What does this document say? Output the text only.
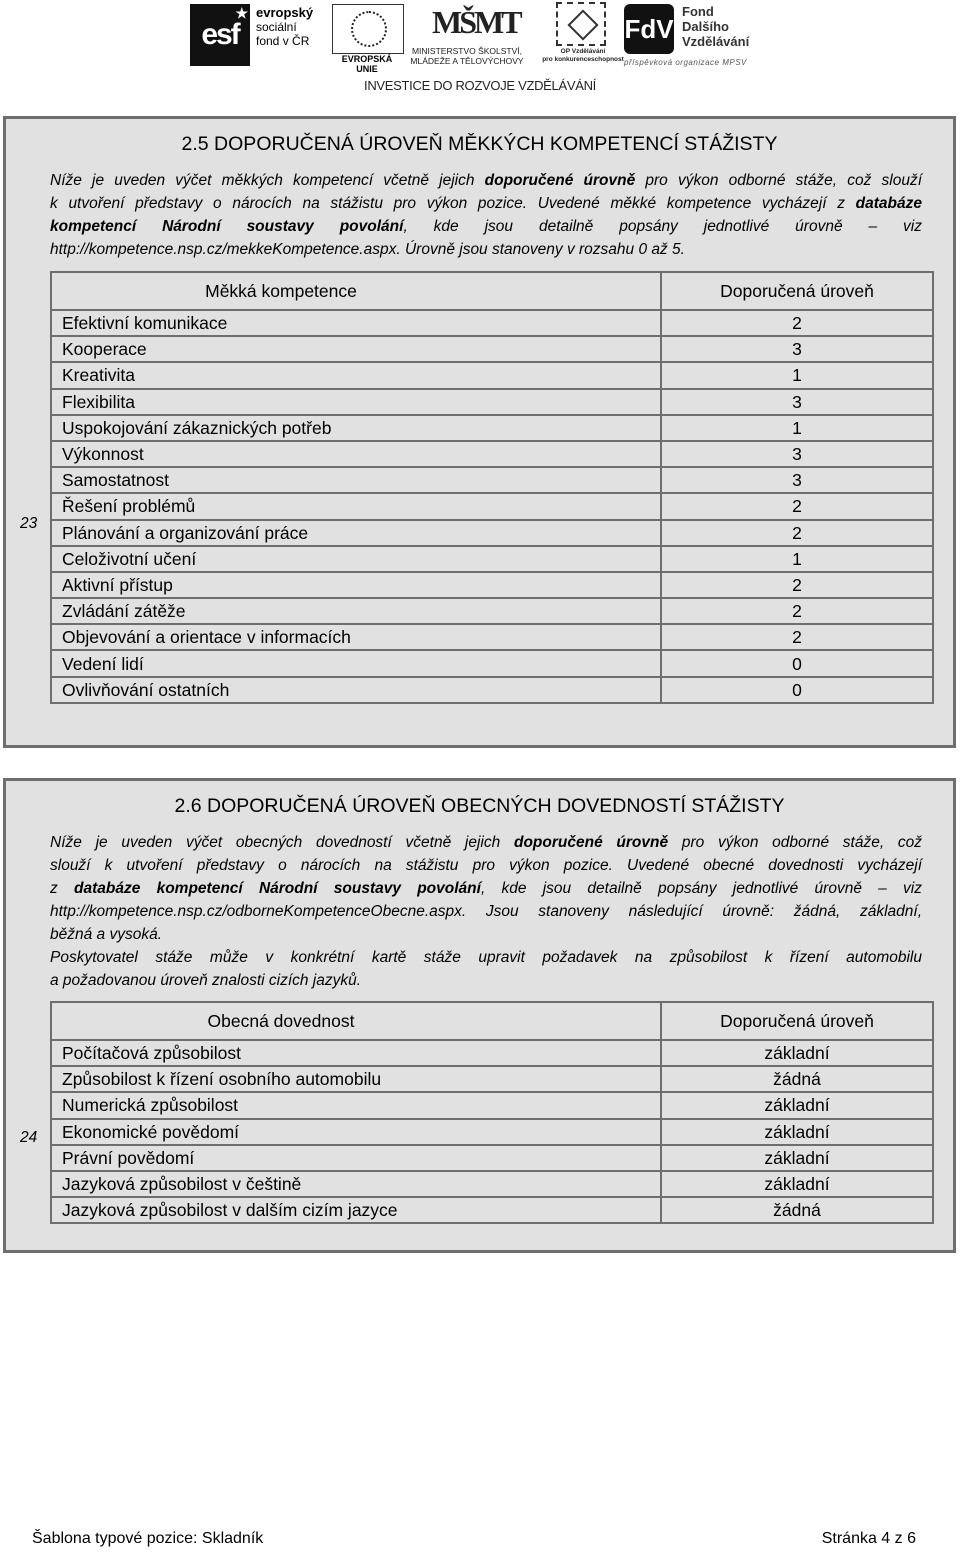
esf
★ evropský
sociální
fond v ČR
EVROPSKÁ UNIE
MŠMT
MINISTERSTVO ŠKOLSTVÍ,
MLÁDEŽE A TĚLOVÝCHOVY
OP Vzdělávání
pro konkurenceschopnost
FdV
Fond
Dalšího
Vzdělávání
příspěvková organizace MPSV
INVESTICE DO ROZVOJE VZDĚLÁVÁNÍ
2.5 DOPORUČENÁ ÚROVEŇ MĚKKÝCH KOMPETENCÍ STÁŽISTY
Níže je uveden výčet měkkých kompetencí včetně jejich doporučené úrovně pro výkon odborné stáže, což slouží
k utvoření představy o nárocích na stážistu pro výkon pozice. Uvedené měkké kompetence vycházejí z databáze
kompetencí Národní soustavy povolání, kde jsou detailně popsány jednotlivé úrovně – viz
http://kompetence.nsp.cz/mekkeKompetence.aspx. Úrovně jsou stanoveny v rozsahu 0 až 5.
23
Měkká kompetence	Doporučená úroveň
Efektivní komunikace	2
Kooperace	3
Kreativita	1
Flexibilita	3
Uspokojování zákaznických potřeb	1
Výkonnost	3
Samostatnost	3
Řešení problémů	2
Plánování a organizování práce	2
Celoživotní učení	1
Aktivní přístup	2
Zvládání zátěže	2
Objevování a orientace v informacích	2
Vedení lidí	0
Ovlivňování ostatních	0
2.6 DOPORUČENÁ ÚROVEŇ OBECNÝCH DOVEDNOSTÍ STÁŽISTY
Níže je uveden výčet obecných dovedností včetně jejich doporučené úrovně pro výkon odborné stáže, což
slouží k utvoření představy o nárocích na stážistu pro výkon pozice. Uvedené obecné dovednosti vycházejí
z databáze kompetencí Národní soustavy povolání, kde jsou detailně popsány jednotlivé úrovně – viz
http://kompetence.nsp.cz/odborneKompetenceObecne.aspx. Jsou stanoveny následující úrovně: žádná, základní,
běžná a vysoká.
Poskytovatel stáže může v konkrétní kartě stáže upravit požadavek na způsobilost k řízení automobilu
a požadovanou úroveň znalosti cizích jazyků.
24
Obecná dovednost	Doporučená úroveň
Počítačová způsobilost	základní
Způsobilost k řízení osobního automobilu	žádná
Numerická způsobilost	základní
Ekonomické povědomí	základní
Právní povědomí	základní
Jazyková způsobilost v češtině	základní
Jazyková způsobilost v dalším cizím jazyce	žádná
Šablona typové pozice: Skladník	Stránka 4 z 6
